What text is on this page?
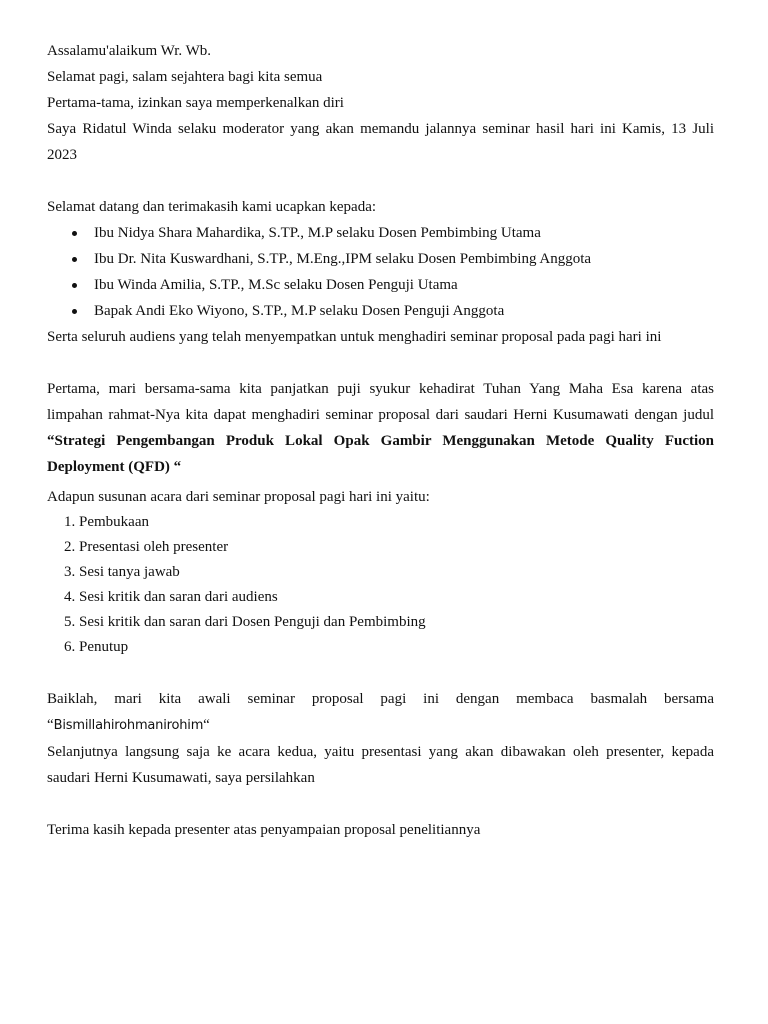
Assalamu'alaikum Wr. Wb.

Selamat pagi, salam sejahtera bagi kita semua

Pertama-tama, izinkan saya memperkenalkan diri

Saya Ridatul Winda selaku moderator yang akan memandu jalannya seminar hasil hari ini Kamis, 13 Juli

2023

Selamat datang dan terimakasih kami ucapkan kepada:

Ibu Nidya Shara Mahardika, S.TP., M.P selaku Dosen Pembimbing Utama
Ibu Dr. Nita Kuswardhani, S.TP., M.Eng.,IPM selaku Dosen Pembimbing Anggota
Ibu Winda Amilia, S.TP., M.Sc selaku Dosen Penguji Utama
Bapak Andi Eko Wiyono, S.TP., M.P selaku Dosen Penguji Anggota

Serta seluruh audiens yang telah menyempatkan untuk menghadiri seminar proposal pada pagi hari ini

Pertama, mari bersama-sama kita panjatkan puji syukur kehadirat Tuhan Yang Maha Esa karena atas

limpahan rahmat-Nya kita dapat menghadiri seminar proposal dari saudari Herni Kusumawati dengan judul

“Strategi Pengembangan Produk Lokal Opak Gambir Menggunakan Metode Quality Fuction

Deployment (QFD) “

Adapun susunan acara dari seminar proposal pagi hari ini yaitu:

1. Pembukaan
2. Presentasi oleh presenter
3. Sesi tanya jawab
4. Sesi kritik dan saran dari audiens
5. Sesi kritik dan saran dari Dosen Penguji dan Pembimbing
6. Penutup

Baiklah, mari kita awali seminar proposal pagi ini dengan membaca basmalah bersama

“Bismillahirohmanirohim“

Selanjutnya langsung saja ke acara kedua, yaitu presentasi yang akan dibawakan oleh presenter, kepada

saudari Herni Kusumawati, saya persilahkan

Terima kasih kepada presenter atas penyampaian proposal penelitiannya
